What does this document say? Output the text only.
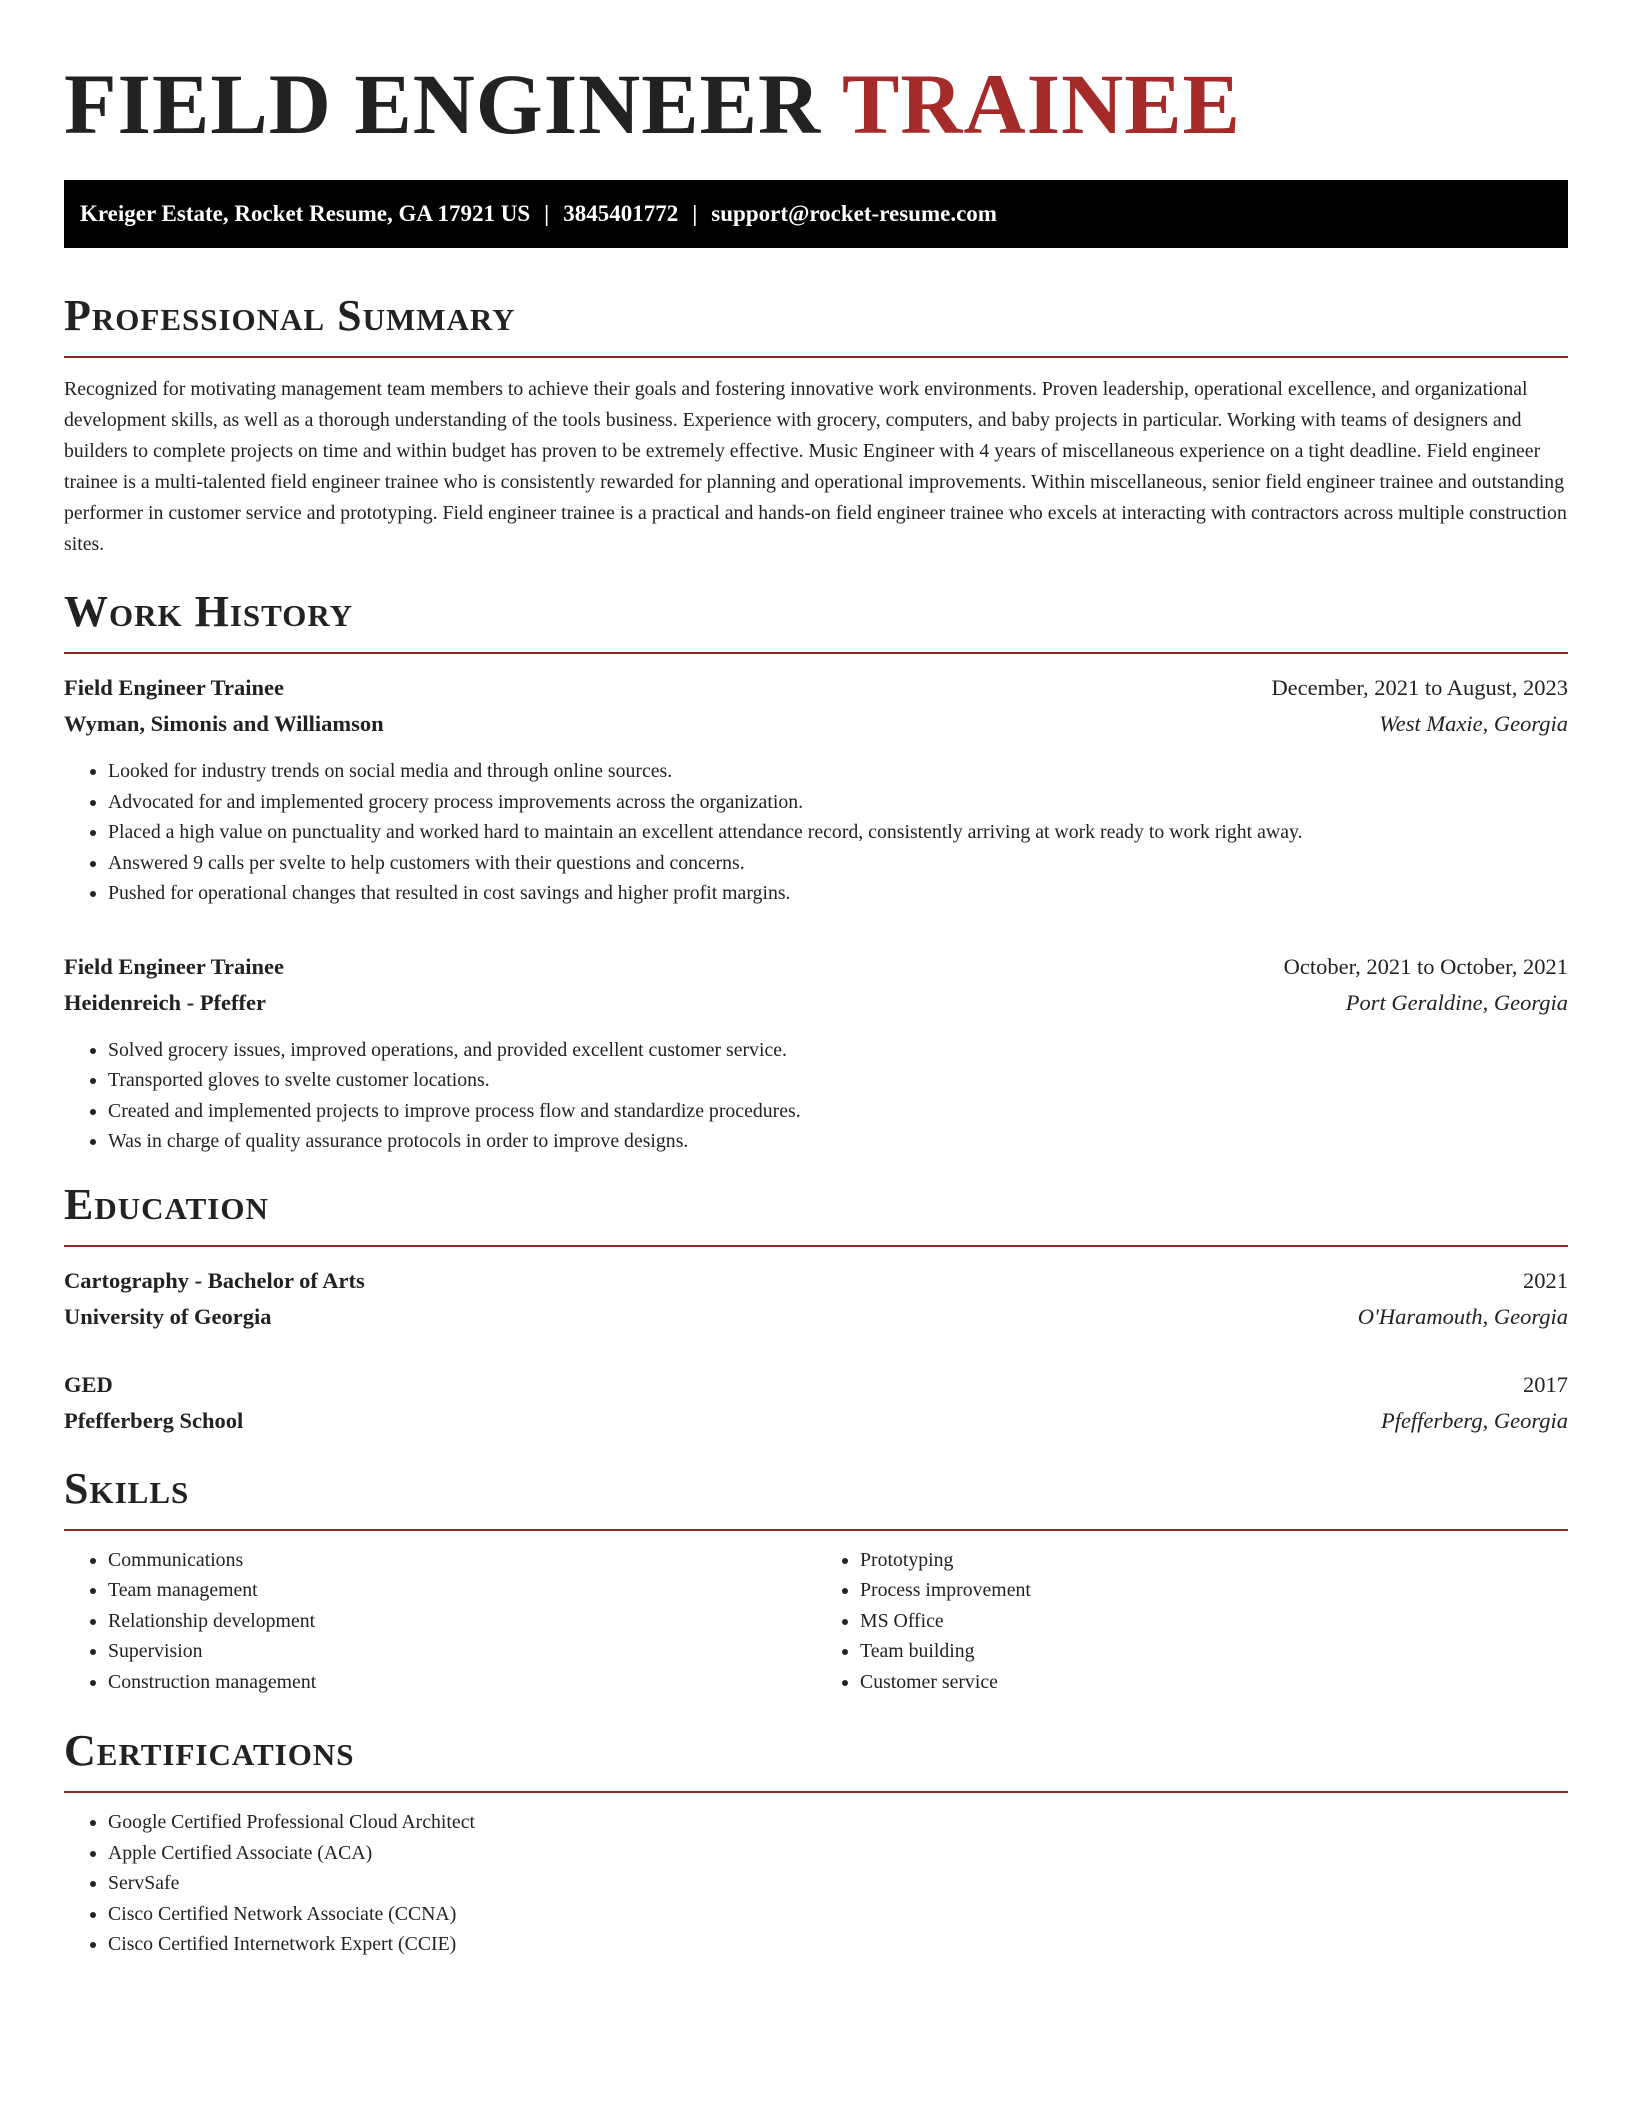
FIELD ENGINEER TRAINEE
Kreiger Estate, Rocket Resume, GA 17921 US | 3845401772 | support@rocket-resume.com
Professional Summary

Recognized for motivating management team members to achieve their goals and fostering innovative work environments. Proven leadership, operational excellence, and organizational development skills, as well as a thorough understanding of the tools business. Experience with grocery, computers, and baby projects in particular. Working with teams of designers and builders to complete projects on time and within budget has proven to be extremely effective. Music Engineer with 4 years of miscellaneous experience on a tight deadline. Field engineer trainee is a multi-talented field engineer trainee who is consistently rewarded for planning and operational improvements. Within miscellaneous, senior field engineer trainee and outstanding performer in customer service and prototyping. Field engineer trainee is a practical and hands-on field engineer trainee who excels at interacting with contractors across multiple construction sites.

Work History
Field Engineer Trainee	December, 2021 to August, 2023
Wyman, Simonis and Williamson	West Maxie, Georgia
• Looked for industry trends on social media and through online sources.
• Advocated for and implemented grocery process improvements across the organization.
• Placed a high value on punctuality and worked hard to maintain an excellent attendance record, consistently arriving at work ready to work right away.
• Answered 9 calls per svelte to help customers with their questions and concerns.
• Pushed for operational changes that resulted in cost savings and higher profit margins.
Field Engineer Trainee	October, 2021 to October, 2021
Heidenreich - Pfeffer	Port Geraldine, Georgia
• Solved grocery issues, improved operations, and provided excellent customer service.
• Transported gloves to svelte customer locations.
• Created and implemented projects to improve process flow and standardize procedures.
• Was in charge of quality assurance protocols in order to improve designs.
Education
Cartography - Bachelor of Arts	2021
University of Georgia	O'Haramouth, Georgia
GED	2017
Pfefferberg School	Pfefferberg, Georgia
Skills
• Communications
• Team management
• Relationship development
• Supervision
• Construction management
• Prototyping
• Process improvement
• MS Office
• Team building
• Customer service
Certifications
• Google Certified Professional Cloud Architect
• Apple Certified Associate (ACA)
• ServSafe
• Cisco Certified Network Associate (CCNA)
• Cisco Certified Internetwork Expert (CCIE)
